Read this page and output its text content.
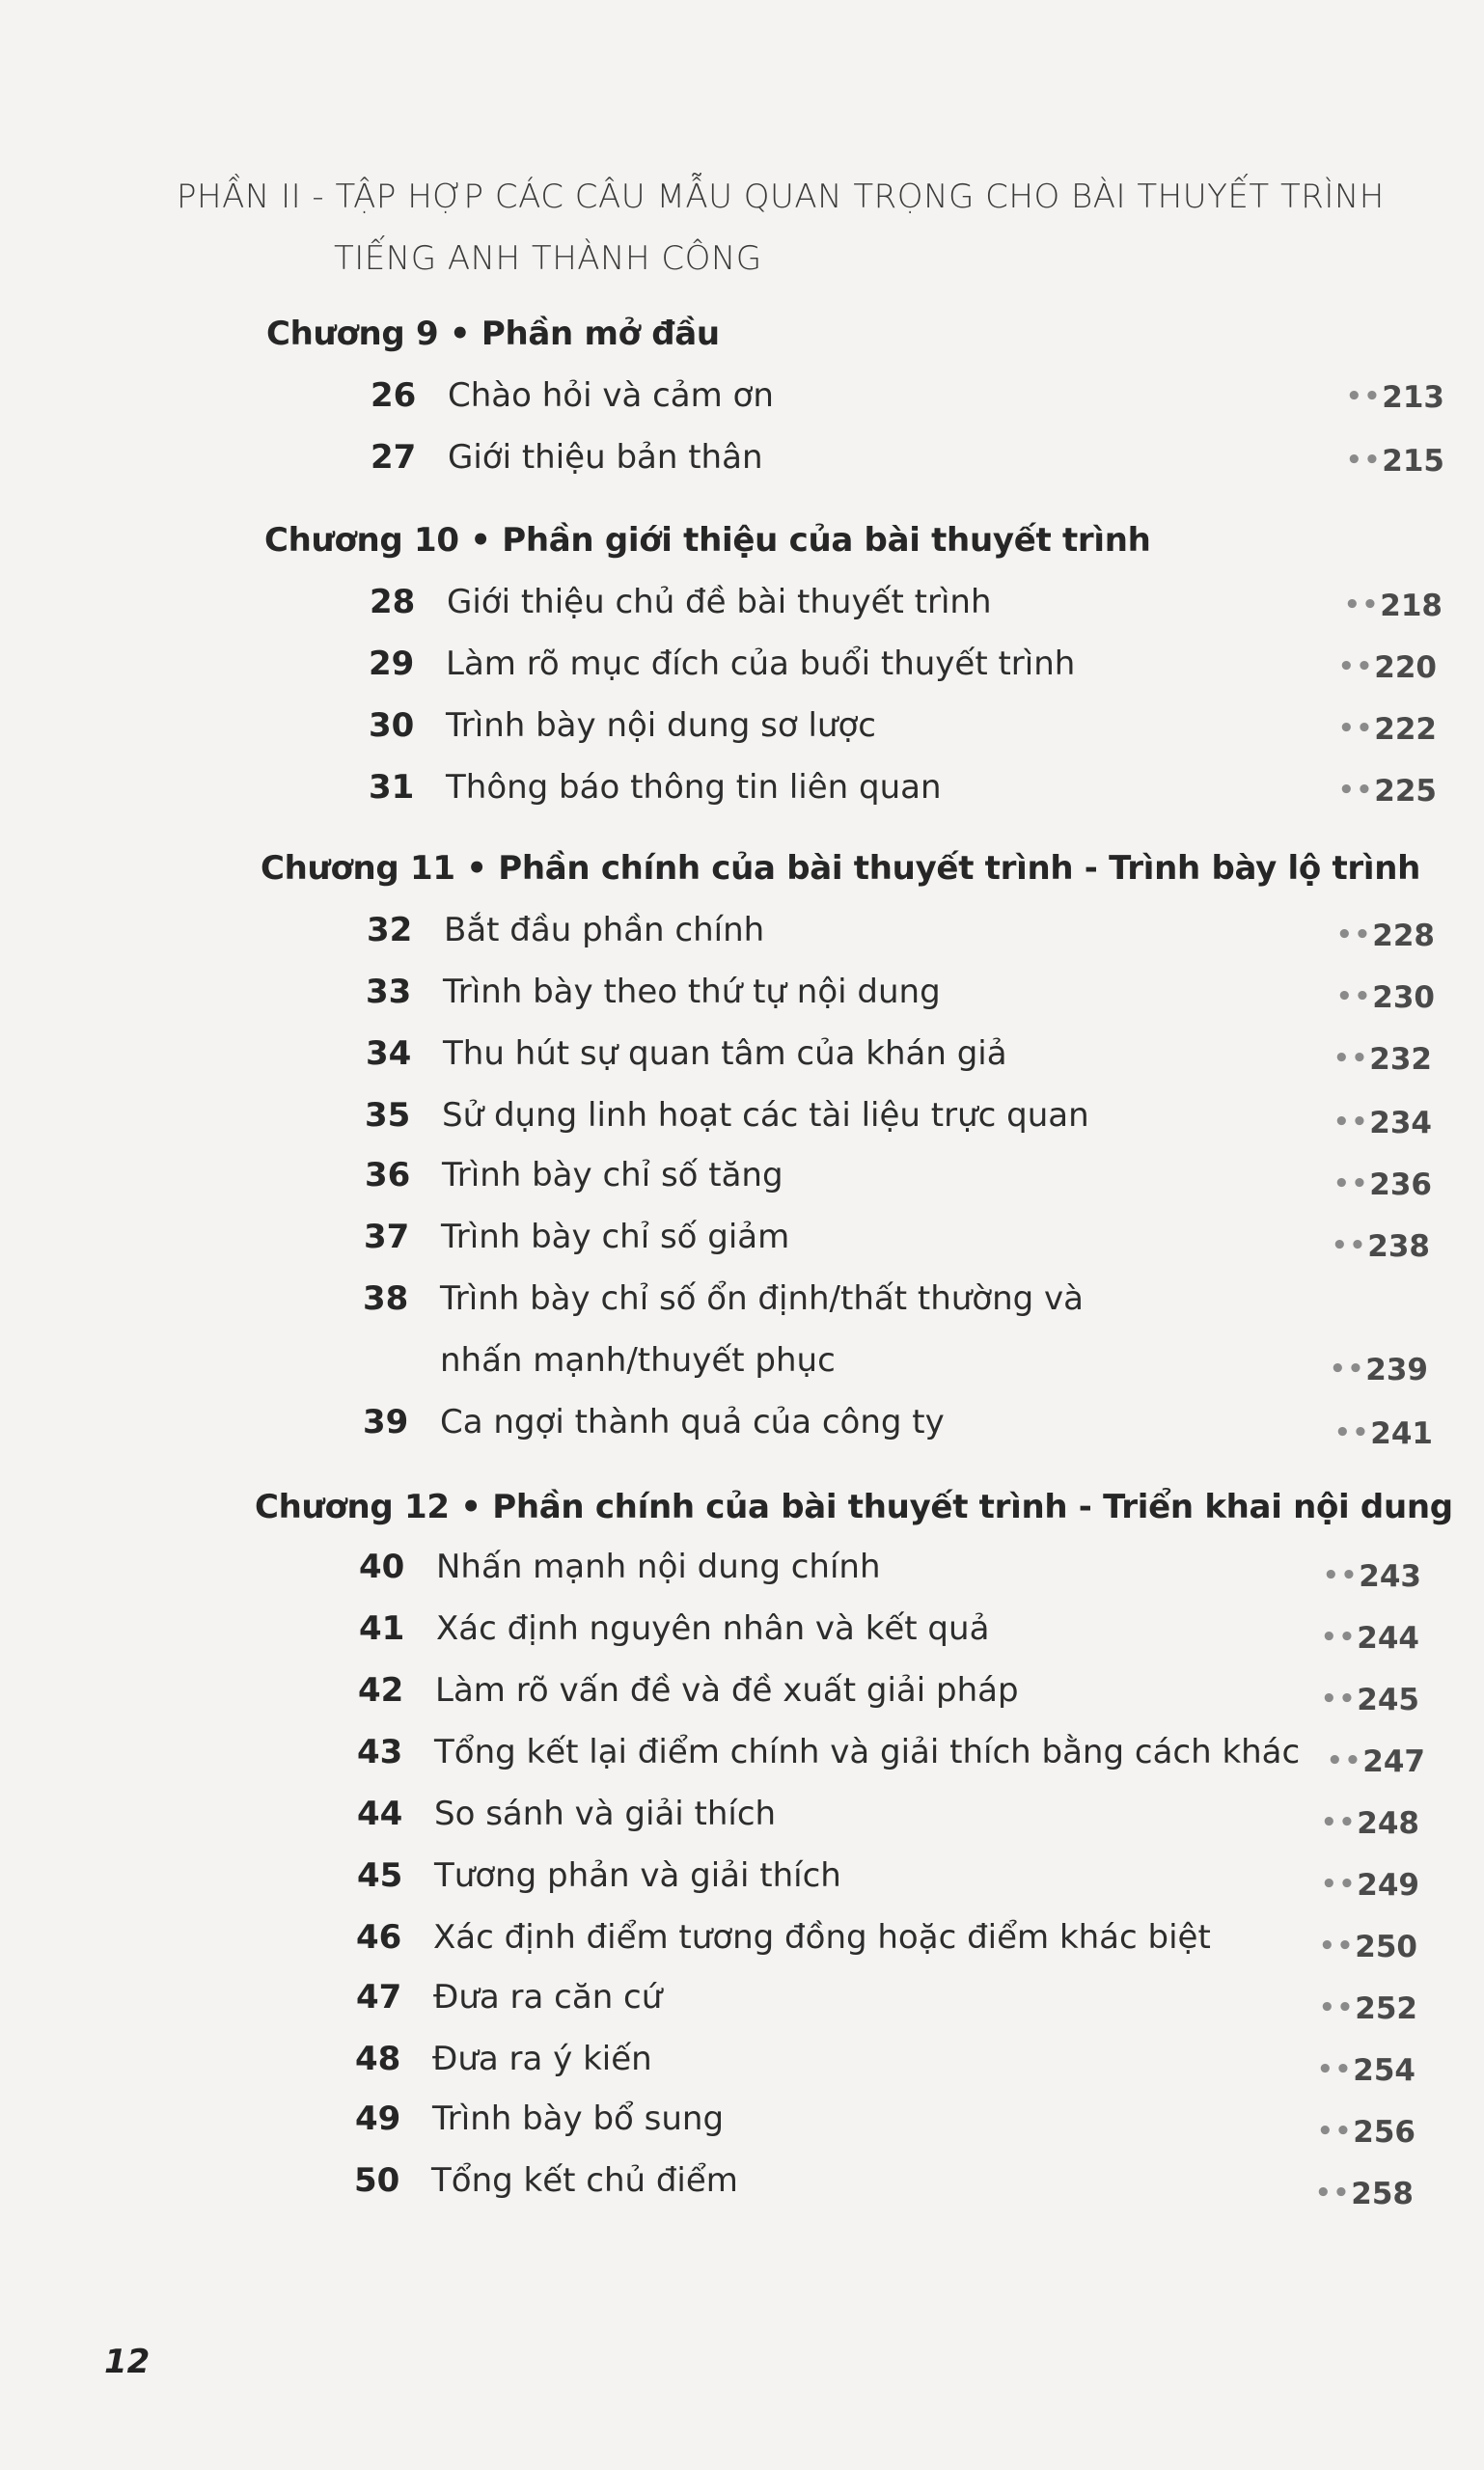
PHẦN II - TẬP HỢP CÁC CÂU MẪU QUAN TRỌNG CHO BÀI THUYẾT TRÌNH
TIẾNG ANH THÀNH CÔNG
Chương 9 • Phần mở đầu
26 Chào hỏi và cảm ơn	••213
27 Giới thiệu bản thân	••215
Chương 10 • Phần giới thiệu của bài thuyết trình
28 Giới thiệu chủ đề bài thuyết trình	••218
29 Làm rõ mục đích của buổi thuyết trình	••220
30 Trình bày nội dung sơ lược	••222
31 Thông báo thông tin liên quan	••225
Chương 11 • Phần chính của bài thuyết trình - Trình bày lộ trình
32 Bắt đầu phần chính	••228
33 Trình bày theo thứ tự nội dung	••230
34 Thu hút sự quan tâm của khán giả	••232
35 Sử dụng linh hoạt các tài liệu trực quan	••234
36 Trình bày chỉ số tăng	••236
37 Trình bày chỉ số giảm	••238
38 Trình bày chỉ số ổn định/thất thường và
nhấn mạnh/thuyết phục	••239
39 Ca ngợi thành quả của công ty	••241
Chương 12 • Phần chính của bài thuyết trình - Triển khai nội dung
40 Nhấn mạnh nội dung chính	••243
41 Xác định nguyên nhân và kết quả	••244
42 Làm rõ vấn đề và đề xuất giải pháp	••245
43 Tổng kết lại điểm chính và giải thích bằng cách khác ••247
44 So sánh và giải thích	••248
45 Tương phản và giải thích	••249
46 Xác định điểm tương đồng hoặc điểm khác biệt	••250
47 Đưa ra căn cứ	••252
48 Đưa ra ý kiến	••254
49 Trình bày bổ sung	••256
50 Tổng kết chủ điểm	••258
12
